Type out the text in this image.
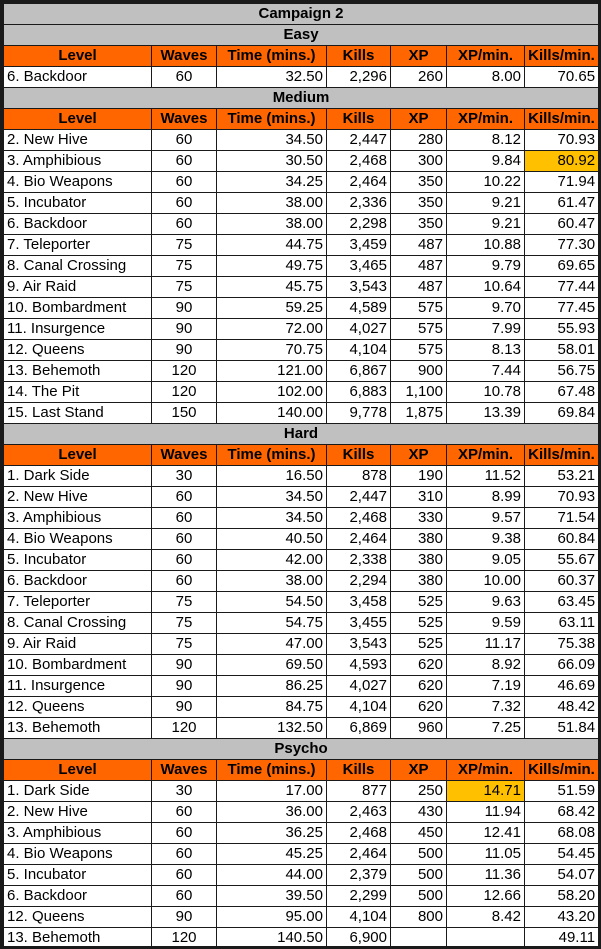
Campaign 2						
Easy						
Level	Waves	Time (mins.)	Kills	XP	XP/min.	Kills/min.
6. Backdoor	60	32.50	2,296	260	8.00	70.65
Medium						
Level	Waves	Time (mins.)	Kills	XP	XP/min.	Kills/min.
2. New Hive	60	34.50	2,447	280	8.12	70.93
3. Amphibious	60	30.50	2,468	300	9.84	80.92
4. Bio Weapons	60	34.25	2,464	350	10.22	71.94
5. Incubator	60	38.00	2,336	350	9.21	61.47
6. Backdoor	60	38.00	2,298	350	9.21	60.47
7. Teleporter	75	44.75	3,459	487	10.88	77.30
8. Canal Crossing	75	49.75	3,465	487	9.79	69.65
9. Air Raid	75	45.75	3,543	487	10.64	77.44
10. Bombardment	90	59.25	4,589	575	9.70	77.45
11. Insurgence	90	72.00	4,027	575	7.99	55.93
12. Queens	90	70.75	4,104	575	8.13	58.01
13. Behemoth	120	121.00	6,867	900	7.44	56.75
14. The Pit	120	102.00	6,883	1,100	10.78	67.48
15. Last Stand	150	140.00	9,778	1,875	13.39	69.84
Hard						
Level	Waves	Time (mins.)	Kills	XP	XP/min.	Kills/min.
1. Dark Side	30	16.50	878	190	11.52	53.21
2. New Hive	60	34.50	2,447	310	8.99	70.93
3. Amphibious	60	34.50	2,468	330	9.57	71.54
4. Bio Weapons	60	40.50	2,464	380	9.38	60.84
5. Incubator	60	42.00	2,338	380	9.05	55.67
6. Backdoor	60	38.00	2,294	380	10.00	60.37
7. Teleporter	75	54.50	3,458	525	9.63	63.45
8. Canal Crossing	75	54.75	3,455	525	9.59	63.11
9. Air Raid	75	47.00	3,543	525	11.17	75.38
10. Bombardment	90	69.50	4,593	620	8.92	66.09
11. Insurgence	90	86.25	4,027	620	7.19	46.69
12. Queens	90	84.75	4,104	620	7.32	48.42
13. Behemoth	120	132.50	6,869	960	7.25	51.84
Psycho						
Level	Waves	Time (mins.)	Kills	XP	XP/min.	Kills/min.
1. Dark Side	30	17.00	877	250	14.71	51.59
2. New Hive	60	36.00	2,463	430	11.94	68.42
3. Amphibious	60	36.25	2,468	450	12.41	68.08
4. Bio Weapons	60	45.25	2,464	500	11.05	54.45
5. Incubator	60	44.00	2,379	500	11.36	54.07
6. Backdoor	60	39.50	2,299	500	12.66	58.20
12. Queens	90	95.00	4,104	800	8.42	43.20
13. Behemoth	120	140.50	6,900			49.11
